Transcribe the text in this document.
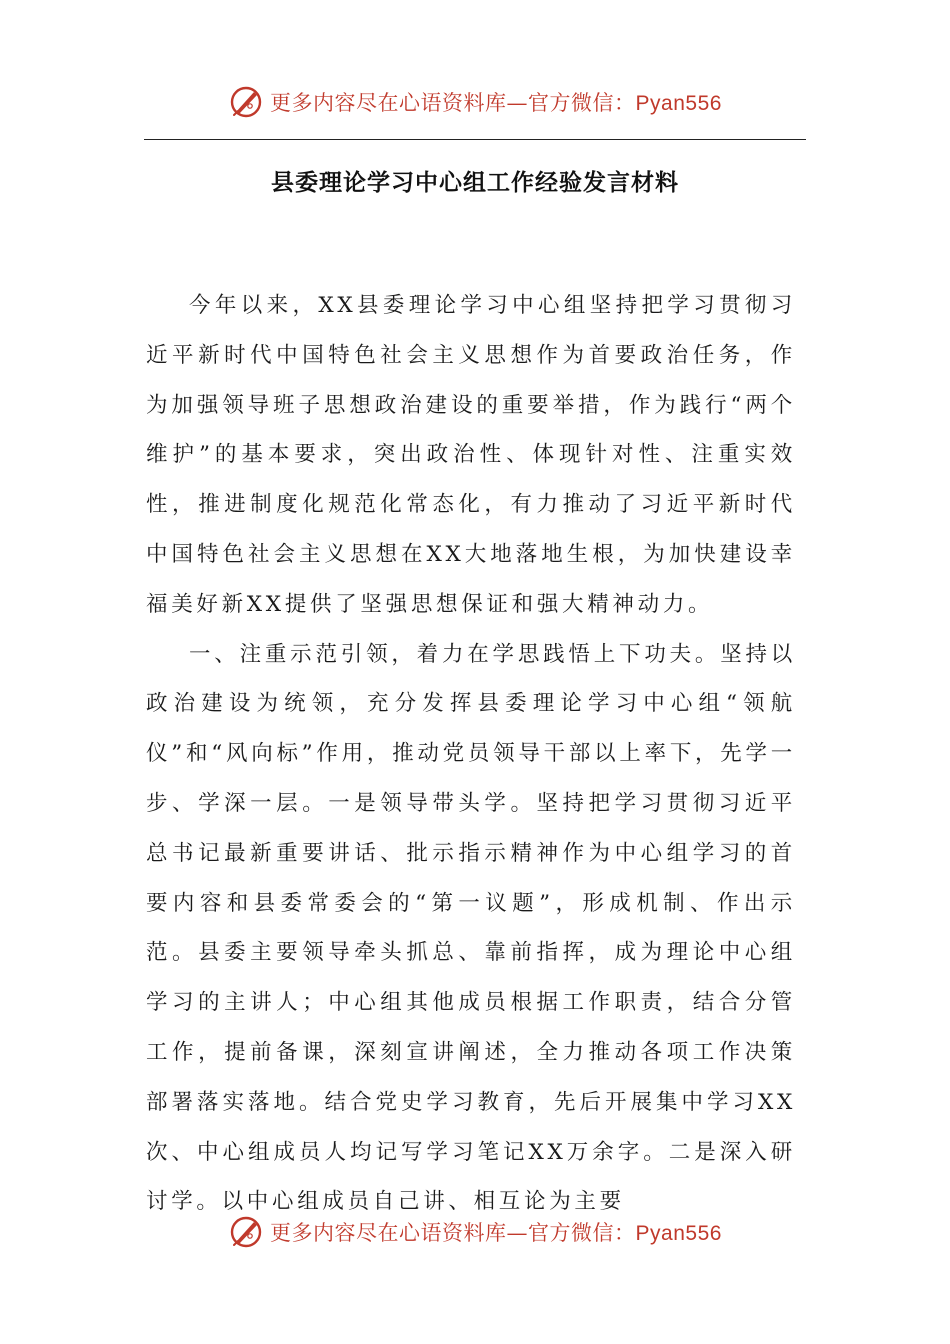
更多内容尽在心语资料库—官方微信：Pyan556
县委理论学习中心组工作经验发言材料

今年以来，XX县委理论学习中心组坚持把学习贯彻习近平新时代中国特色社会主义思想作为首要政治任务，作为加强领导班子思想政治建设的重要举措，作为践行“两个维护”的基本要求，突出政治性、体现针对性、注重实效性，推进制度化规范化常态化，有力推动了习近平新时代中国特色社会主义思想在XX大地落地生根，为加快建设幸福美好新XX提供了坚强思想保证和强大精神动力。

一、注重示范引领，着力在学思践悟上下功夫。坚持以政治建设为统领，充分发挥县委理论学习中心组“领航仪”和“风向标”作用，推动党员领导干部以上率下，先学一步、学深一层。一是领导带头学。坚持把学习贯彻习近平总书记最新重要讲话、批示指示精神作为中心组学习的首要内容和县委常委会的“第一议题”，形成机制、作出示范。县委主要领导牵头抓总、靠前指挥，成为理论中心组学习的主讲人；中心组其他成员根据工作职责，结合分管工作，提前备课，深刻宣讲阐述，全力推动各项工作决策部署落实落地。结合党史学习教育，先后开展集中学习XX次、中心组成员人均记写学习笔记XX万余字。二是深入研讨学。以中心组成员自己讲、相互论为主要

更多内容尽在心语资料库—官方微信：Pyan556
